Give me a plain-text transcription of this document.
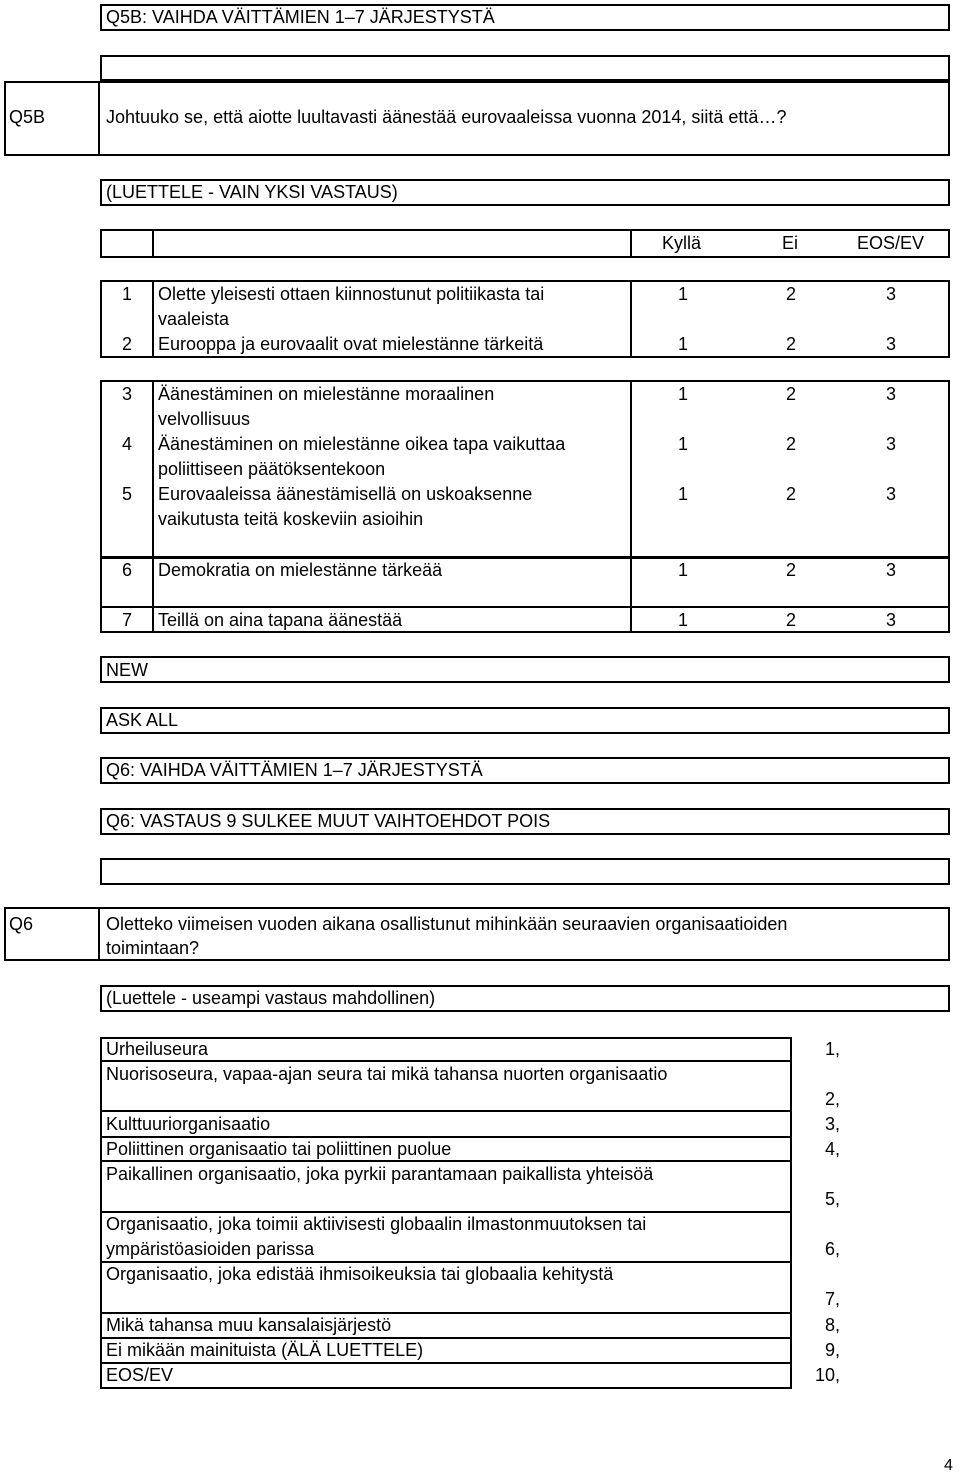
Q5B: VAIHDA VÄITTÄMIEN 1–7 JÄRJESTYSTÄ
Q5B	Johtuuko se, että aiotte luultavasti äänestää eurovaaleissa vuonna 2014, siitä että…?
(LUETTELE - VAIN YKSI VASTAUS)
Kyllä	Ei	EOS/EV
1 Olette yleisesti ottaen kiinnostunut politiikasta tai
vaaleista
1	2	3
2 Eurooppa ja eurovaalit ovat mielestänne tärkeitä	1	2	3
3 Äänestäminen on mielestänne moraalinen
velvollisuus
1	2	3
4 Äänestäminen on mielestänne oikea tapa vaikuttaa
poliittiseen päätöksentekoon
1	2	3
5 Eurovaaleissa äänestämisellä on uskoaksenne
vaikutusta teitä koskeviin asioihin
1	2	3
6 Demokratia on mielestänne tärkeää	1	2	3
7 Teillä on aina tapana äänestää	1	2	3
NEW
ASK ALL
Q6: VAIHDA VÄITTÄMIEN 1–7 JÄRJESTYSTÄ
Q6: VASTAUS 9 SULKEE MUUT VAIHTOEHDOT POIS
Q6	Oletteko viimeisen vuoden aikana osallistunut mihinkään seuraavien organisaatioiden
toimintaan?
(Luettele - useampi vastaus mahdollinen)
Urheiluseura	1,
Nuorisoseura, vapaa-ajan seura tai mikä tahansa nuorten organisaatio
2,
Kulttuuriorganisaatio	3,
Poliittinen organisaatio tai poliittinen puolue	4,
Paikallinen organisaatio, joka pyrkii parantamaan paikallista yhteisöä
5,
Organisaatio, joka toimii aktiivisesti globaalin ilmastonmuutoksen tai
ympäristöasioiden parissa	6,
Organisaatio, joka edistää ihmisoikeuksia tai globaalia kehitystä
7,
Mikä tahansa muu kansalaisjärjestö	8,
Ei mikään mainituista (ÄLÄ LUETTELE)	9,
EOS/EV	10,
4
